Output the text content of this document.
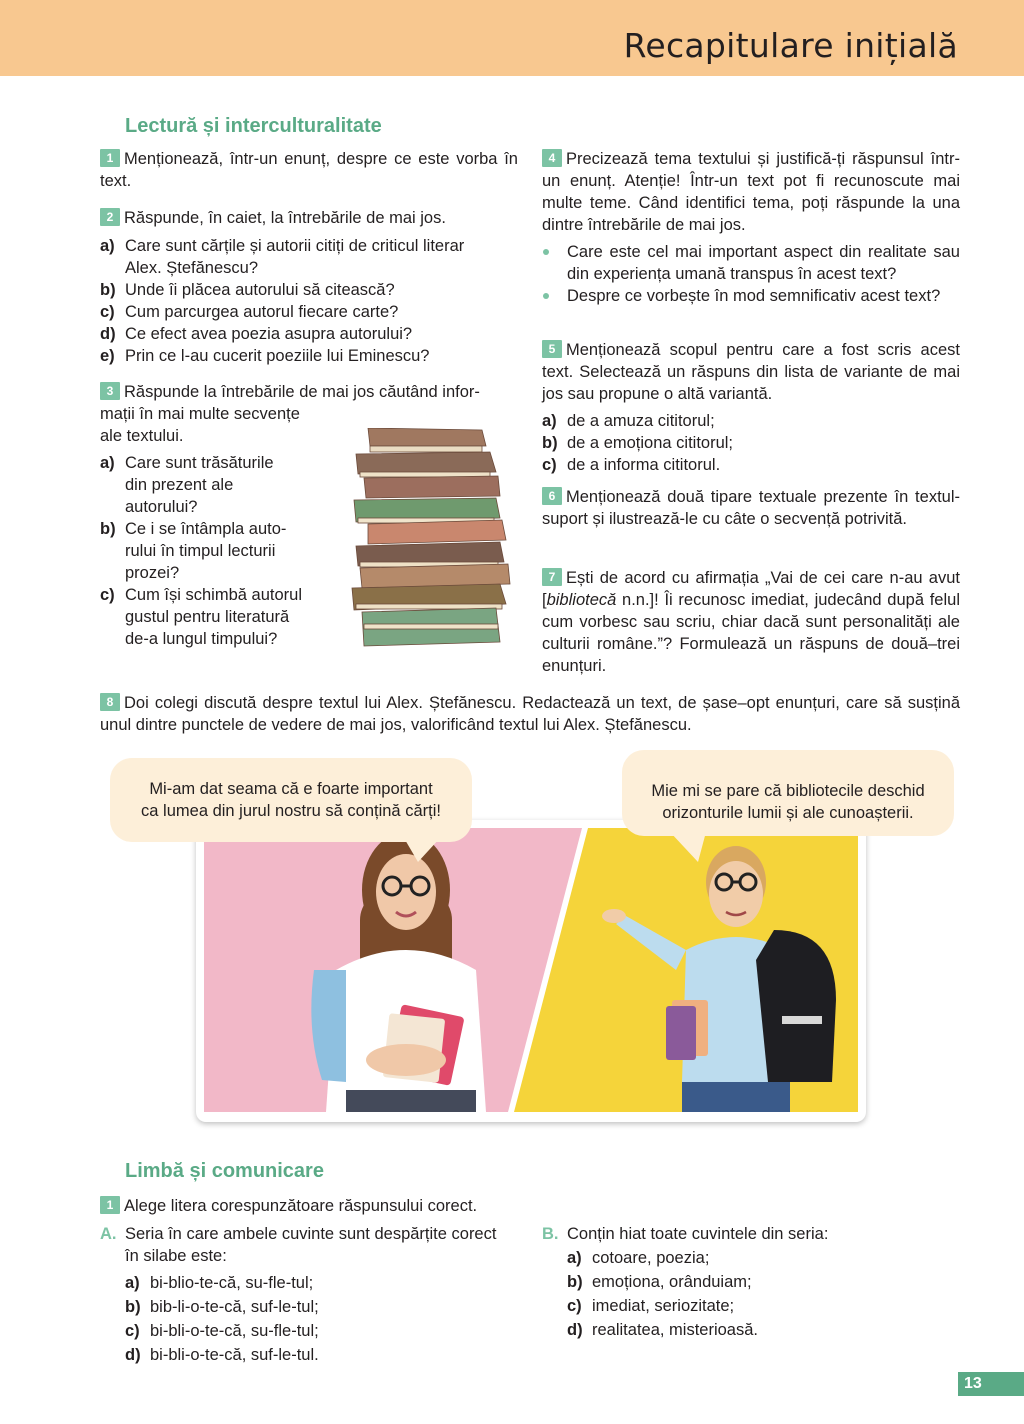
Recapitulare inițială
Lectură și interculturalitate
1 Menționează, într-un enunț, despre ce este vorba în text.
2 Răspunde, în caiet, la întrebările de mai jos.
a) Care sunt cărțile și autorii citiți de criticul literar
Alex. Ștefănescu?
b) Unde îi plăcea autorului să citească?
c) Cum parcurgea autorul fiecare carte?
d) Ce efect avea poezia asupra autorului?
e) Prin ce l-au cucerit poeziile lui Eminescu?
3 Răspunde la întrebările de mai jos căutând infor-
mații în mai multe secvențe
ale textului.
a) Care sunt trăsăturile
din prezent ale
autorului?
b) Ce i se întâmpla auto-
rului în timpul lecturii
prozei?
c) Cum își schimbă autorul
gustul pentru literatură
de-a lungul timpului?
4 Precizează tema textului și justifică-ți răspunsul într-un enunț. Atenție! Într-un text pot fi recunoscute mai multe teme. Când identifici tema, poți răspunde la una dintre întrebările de mai jos.
Care este cel mai important aspect din realitate sau din experiența umană transpus în acest text?
Despre ce vorbește în mod semnificativ acest text?
5 Menționează scopul pentru care a fost scris acest text. Selectează un răspuns din lista de variante de mai jos sau propune o altă variantă.
a) de a amuza cititorul;
b) de a emoționa cititorul;
c) de a informa cititorul.
6 Menționează două tipare textuale prezente în textul-suport și ilustrează-le cu câte o secvență potrivită.
7 Ești de acord cu afirmația „Vai de cei care n-au avut [bibliotecă n.n.]! Îi recunosc imediat, judecând după felul cum vorbesc sau scriu, chiar dacă sunt personalități ale culturii române.”? Formulează un răspuns de două–trei enunțuri.
8 Doi colegi discută despre textul lui Alex. Ștefănescu. Redactează un text, de șase–opt enunțuri, care să susțină unul dintre punctele de vedere de mai jos, valorificând textul lui Alex. Ștefănescu.
Mi-am dat seama că e foarte important
ca lumea din jurul nostru să conțină cărți!
Mie mi se pare că bibliotecile deschid
orizonturile lumii și ale cunoașterii.
Limbă și comunicare
1 Alege litera corespunzătoare răspunsului corect.
A. Seria în care ambele cuvinte sunt despărțite corect
în silabe este:
a) bi-blio-te-că, su-fle-tul;
b) bib-li-o-te-că, suf-le-tul;
c) bi-bli-o-te-că, su-fle-tul;
d) bi-bli-o-te-că, suf-le-tul.
B. Conțin hiat toate cuvintele din seria:
a) cotoare, poezia;
b) emoționa, orânduiam;
c) imediat, seriozitate;
d) realitatea, misterioasă.
13
